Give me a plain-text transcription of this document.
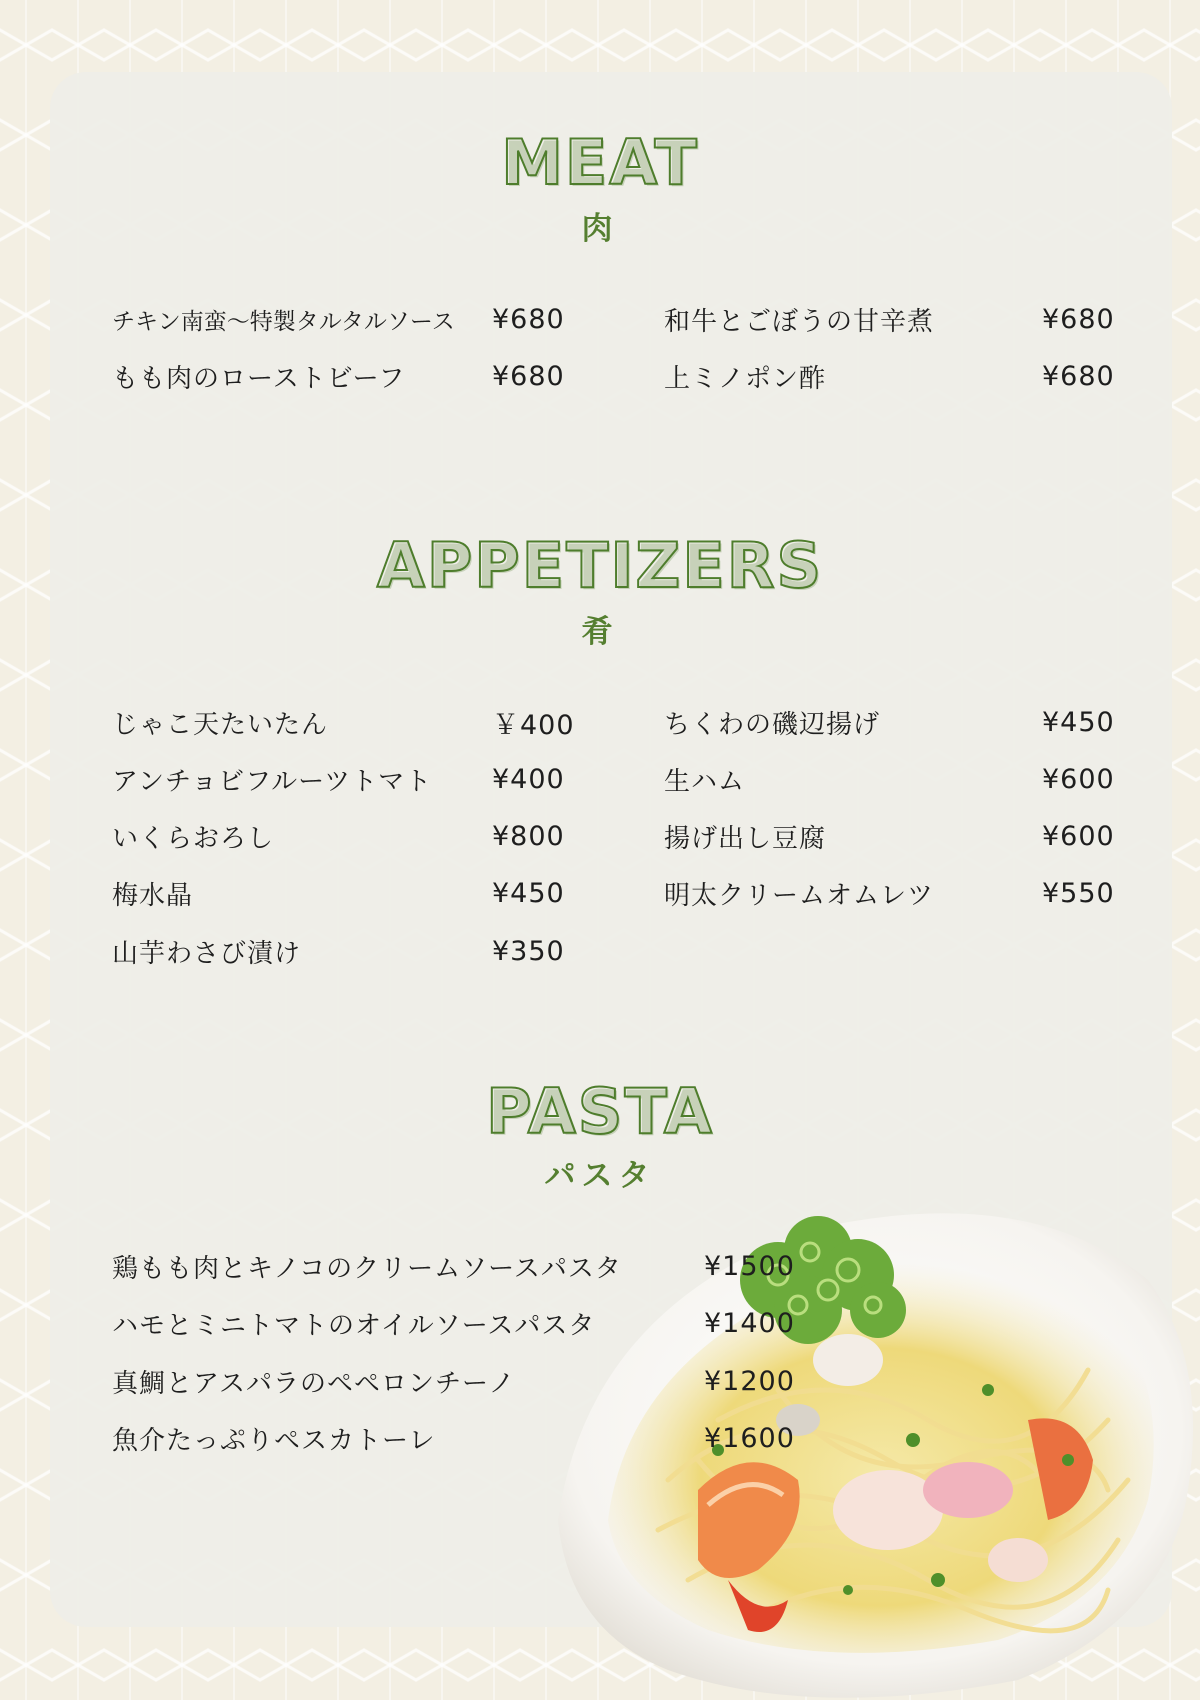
MEAT
肉
チキン南蛮〜特製タルタルソース ¥680
もも肉のローストビーフ	¥680
和牛とごぼうの甘辛煮	¥680
上ミノポン酢	¥680
APPETIZERS
肴
じゃこ天たいたん	￥400
アンチョビフルーツトマト ¥400
いくらおろし	¥800
梅水晶	¥450
山芋わさび漬け	¥350
ちくわの磯辺揚げ	¥450
生ハム	¥600
揚げ出し豆腐	¥600
明太クリームオムレツ	¥550
PASTA
パスタ
鶏もも肉とキノコのクリームソースパスタ	¥1500
ハモとミニトマトのオイルソースパスタ	¥1400
真鯛とアスパラのペペロンチーノ	¥1200
魚介たっぷりペスカトーレ	¥1600
